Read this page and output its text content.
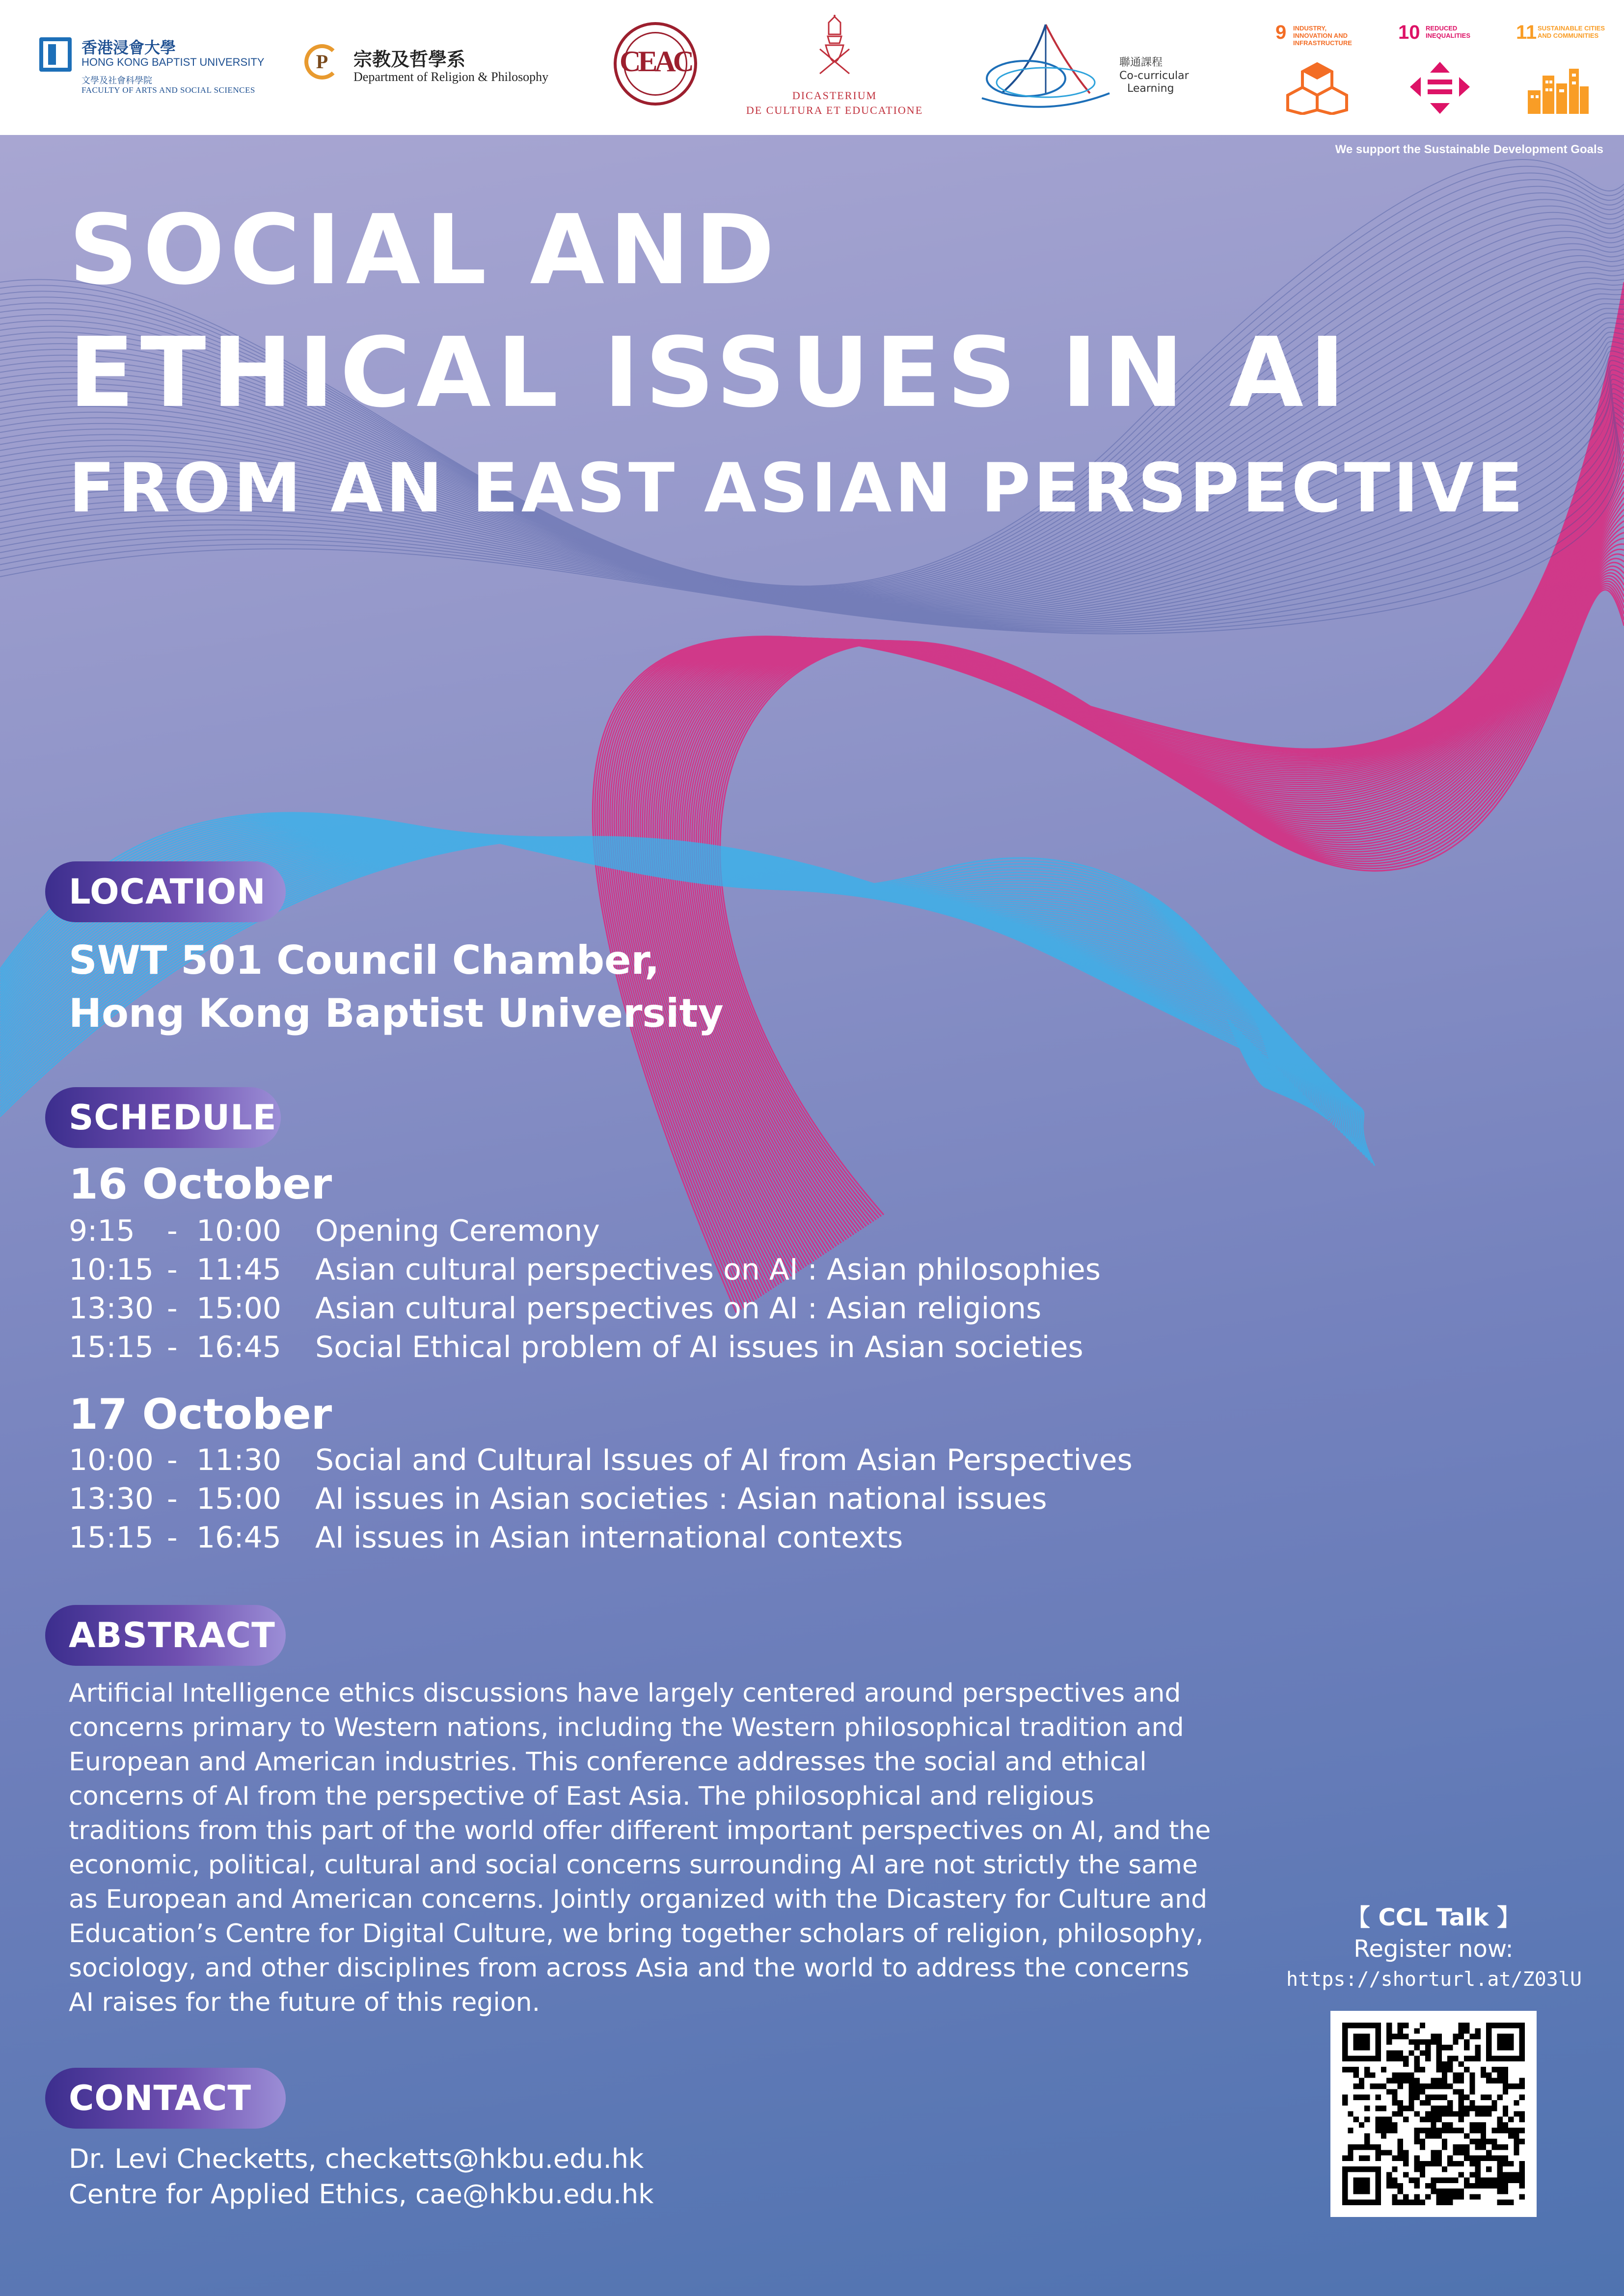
香港浸會大學
HONG KONG BAPTIST UNIVERSITY
文學及社會科學院
FACULTY OF ARTS AND SOCIAL SCIENCES
P	宗教及哲學系
Department of Religion & Philosophy CEAC
DICASTERIUM
DE CULTURA ET EDUCATIONE
聯通課程
Co-curricular
Learning
9 INDUSTRY, INNOVATION AND INFRASTRUCTURE	10 REDUCED INEQUALITIES	11 SUSTAINABLE CITIES AND COMMUNITIES
We support the Sustainable Development Goals
SOCIAL AND
ETHICAL ISSUES IN AI
FROM AN EAST ASIAN PERSPECTIVE
LOCATION
SWT 501 Council Chamber,
Hong Kong Baptist University
SCHEDULE
16 October
9:15 - 10:00 Opening Ceremony
10:15 - 11:45 Asian cultural perspectives on AI : Asian philosophies
13:30 - 15:00 Asian cultural perspectives on AI : Asian religions
15:15 - 16:45 Social Ethical problem of AI issues in Asian societies
17 October
10:00 - 11:30 Social and Cultural Issues of AI from Asian Perspectives
13:30 - 15:00 AI issues in Asian societies : Asian national issues
15:15 - 16:45 AI issues in Asian international contexts
ABSTRACT
Artificial Intelligence ethics discussions have largely centered around perspectives and concerns primary to Western nations, including the Western philosophical tradition and European and American industries. This conference addresses the social and ethical concerns of AI from the perspective of East Asia. The philosophical and religious traditions from this part of the world offer different important perspectives on AI, and the economic, political, cultural and social concerns surrounding AI are not strictly the same as European and American concerns. Jointly organized with the Dicastery for Culture and Education’s Centre for Digital Culture, we bring together scholars of religion, philosophy, sociology, and other disciplines from across Asia and the world to address the concerns AI raises for the future of this region.
CONTACT
Dr. Levi Checketts, checketts@hkbu.edu.hk
Centre for Applied Ethics, cae@hkbu.edu.hk
【 CCL Talk 】
Register now:
https://shorturl.at/Z03lU
